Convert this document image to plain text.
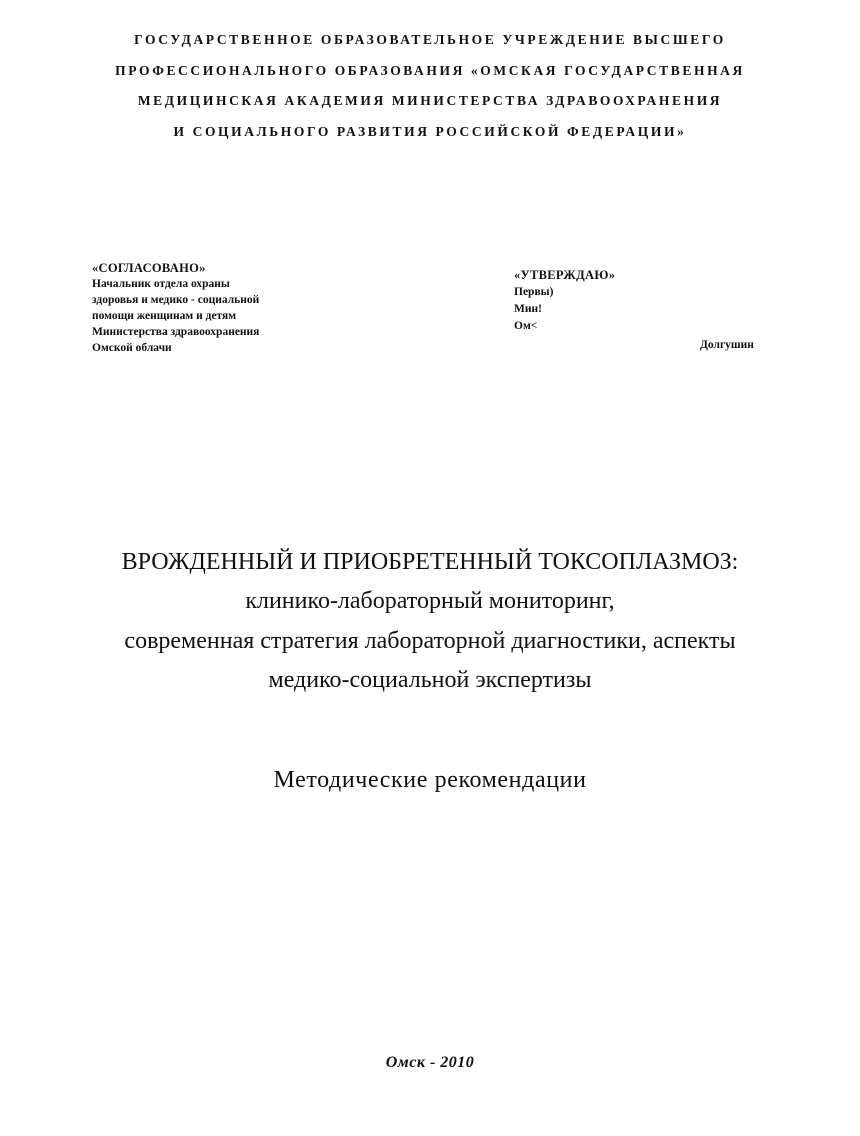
ГОСУДАРСТВЕННОЕ ОБРАЗОВАТЕЛЬНОЕ УЧРЕЖДЕНИЕ ВЫСШЕГО
ПРОФЕССИОНАЛЬНОГО ОБРАЗОВАНИЯ «ОМСКАЯ ГОСУДАРСТВЕННАЯ
МЕДИЦИНСКАЯ АКАДЕМИЯ МИНИСТЕРСТВА ЗДРАВООХРАНЕНИЯ
И СОЦИАЛЬНОГО РАЗВИТИЯ РОССИЙСКОЙ ФЕДЕРАЦИИ»
«СОГЛАСОВАНО»
Начальник отдела охраны
здоровья и медико - социальной
помощи женщинам и детям
Министерства здравоохранения
Омской облачи
«УТВЕРЖДАЮ»
Первы)
Мин!
Ом<
Долгушин
ВРОЖДЕННЫЙ И ПРИОБРЕТЕННЫЙ ТОКСОПЛАЗМОЗ:
клинико-лабораторный мониторинг,
современная стратегия лабораторной диагностики, аспекты
медико-социальной экспертизы
Методические рекомендации
Омск - 2010
